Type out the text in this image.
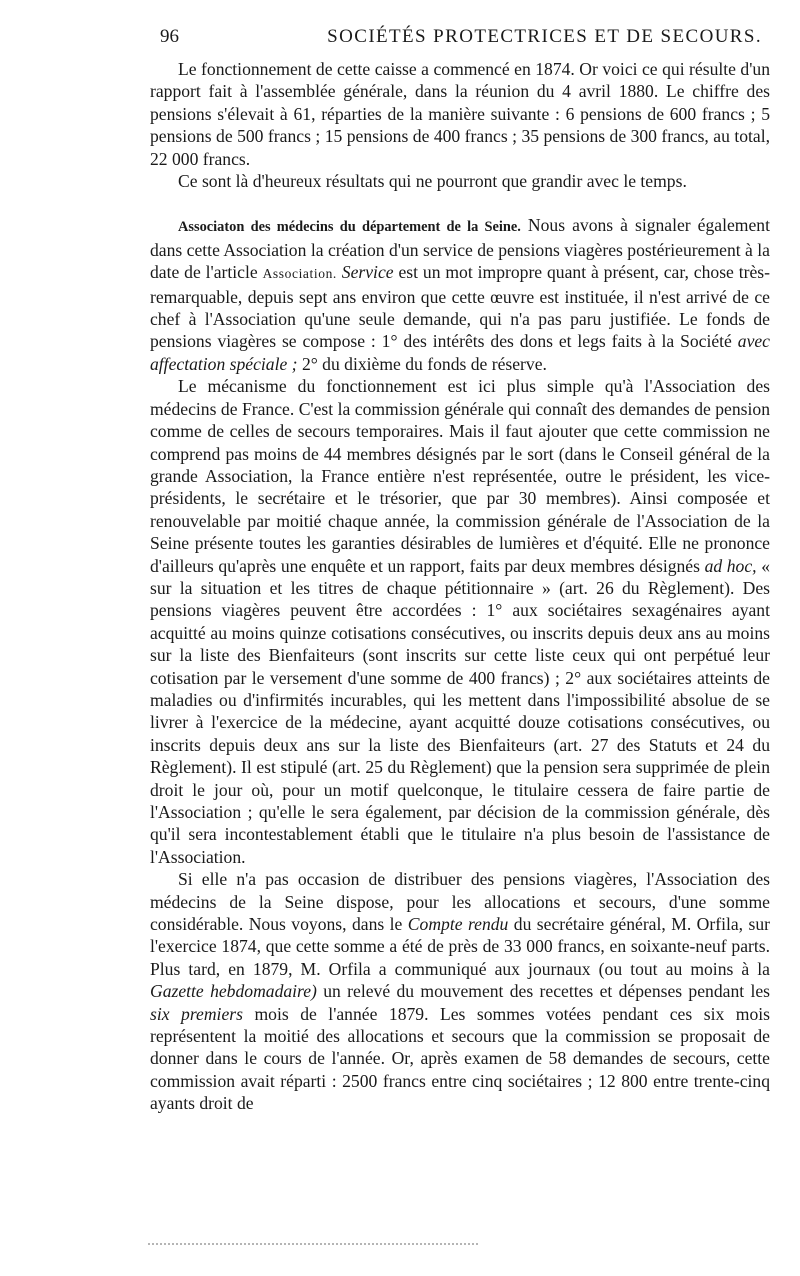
96	SOCIÉTÉS PROTECTRICES ET DE SECOURS.

Le fonctionnement de cette caisse a commencé en 1874. Or voici ce qui résulte d'un rapport fait à l'assemblée générale, dans la réunion du 4 avril 1880. Le chiffre des pensions s'élevait à 61, réparties de la manière suivante : 6 pensions de 600 francs ; 5 pensions de 500 francs ; 15 pensions de 400 francs ; 35 pensions de 300 francs, au total, 22 000 francs.

Ce sont là d'heureux résultats qui ne pourront que grandir avec le temps.

Associaton des médecins du département de la Seine. Nous avons à signaler également dans cette Association la création d'un service de pensions viagères postérieurement à la date de l'article Association. Service est un mot impropre quant à présent, car, chose très-remarquable, depuis sept ans environ que cette œuvre est instituée, il n'est arrivé de ce chef à l'Association qu'une seule demande, qui n'a pas paru justifiée. Le fonds de pensions viagères se compose : 1° des intérêts des dons et legs faits à la Société avec affectation spéciale ; 2° du dixième du fonds de réserve.

Le mécanisme du fonctionnement est ici plus simple qu'à l'Association des médecins de France. C'est la commission générale qui connaît des demandes de pension comme de celles de secours temporaires. Mais il faut ajouter que cette commission ne comprend pas moins de 44 membres désignés par le sort (dans le Conseil général de la grande Association, la France entière n'est représentée, outre le président, les vice-présidents, le secrétaire et le trésorier, que par 30 membres). Ainsi composée et renouvelable par moitié chaque année, la commission générale de l'Association de la Seine présente toutes les garanties désirables de lumières et d'équité. Elle ne prononce d'ailleurs qu'après une enquête et un rapport, faits par deux membres désignés ad hoc, « sur la situation et les titres de chaque pétitionnaire » (art. 26 du Règlement). Des pensions viagères peuvent être accordées : 1° aux sociétaires sexagénaires ayant acquitté au moins quinze cotisations consécutives, ou inscrits depuis deux ans au moins sur la liste des Bienfaiteurs (sont inscrits sur cette liste ceux qui ont perpétué leur cotisation par le versement d'une somme de 400 francs) ; 2° aux sociétaires atteints de maladies ou d'infirmités incurables, qui les mettent dans l'impossibilité absolue de se livrer à l'exercice de la médecine, ayant acquitté douze cotisations consécutives, ou inscrits depuis deux ans sur la liste des Bienfaiteurs (art. 27 des Statuts et 24 du Règlement). Il est stipulé (art. 25 du Règlement) que la pension sera supprimée de plein droit le jour où, pour un motif quelconque, le titulaire cessera de faire partie de l'Association ; qu'elle le sera également, par décision de la commission générale, dès qu'il sera incontestablement établi que le titulaire n'a plus besoin de l'assistance de l'Association.

Si elle n'a pas occasion de distribuer des pensions viagères, l'Association des médecins de la Seine dispose, pour les allocations et secours, d'une somme considérable. Nous voyons, dans le Compte rendu du secrétaire général, M. Orfila, sur l'exercice 1874, que cette somme a été de près de 33 000 francs, en soixante-neuf parts. Plus tard, en 1879, M. Orfila a communiqué aux journaux (ou tout au moins à la Gazette hebdomadaire) un relevé du mouvement des recettes et dépenses pendant les six premiers mois de l'année 1879. Les sommes votées pendant ces six mois représentent la moitié des allocations et secours que la commission se proposait de donner dans le cours de l'année. Or, après examen de 58 demandes de secours, cette commission avait réparti : 2500 francs entre cinq sociétaires ; 12 800 entre trente-cinq ayants droit de
